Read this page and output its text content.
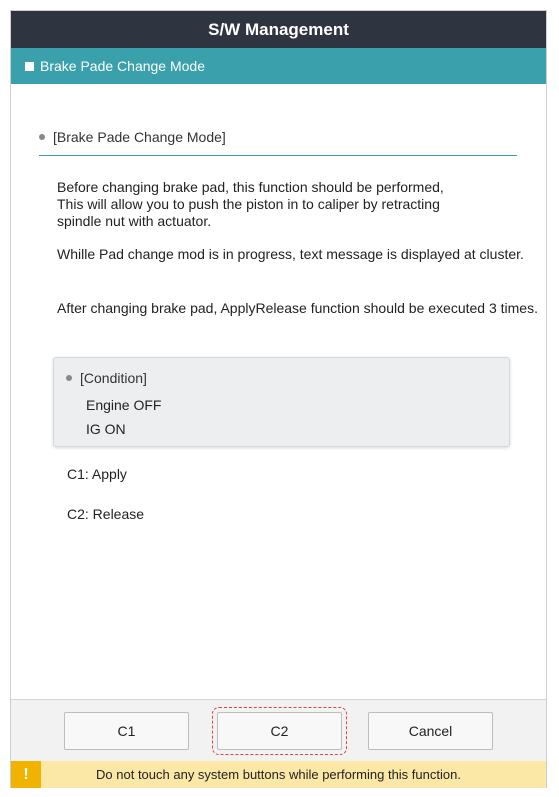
S/W Management
Brake Pade Change Mode
[Brake Pade Change Mode]
Before changing brake pad, this function should be performed,
This will allow you to push the piston in to caliper by retracting
spindle nut with actuator.
Whille Pad change mod is in progress, text message is displayed at cluster.
After changing brake pad, ApplyRelease function should be executed 3 times.
[Condition]
Engine OFF
IG ON
C1: Apply
C2: Release
C1	C2	Cancel
!	Do not touch any system buttons while performing this function.
